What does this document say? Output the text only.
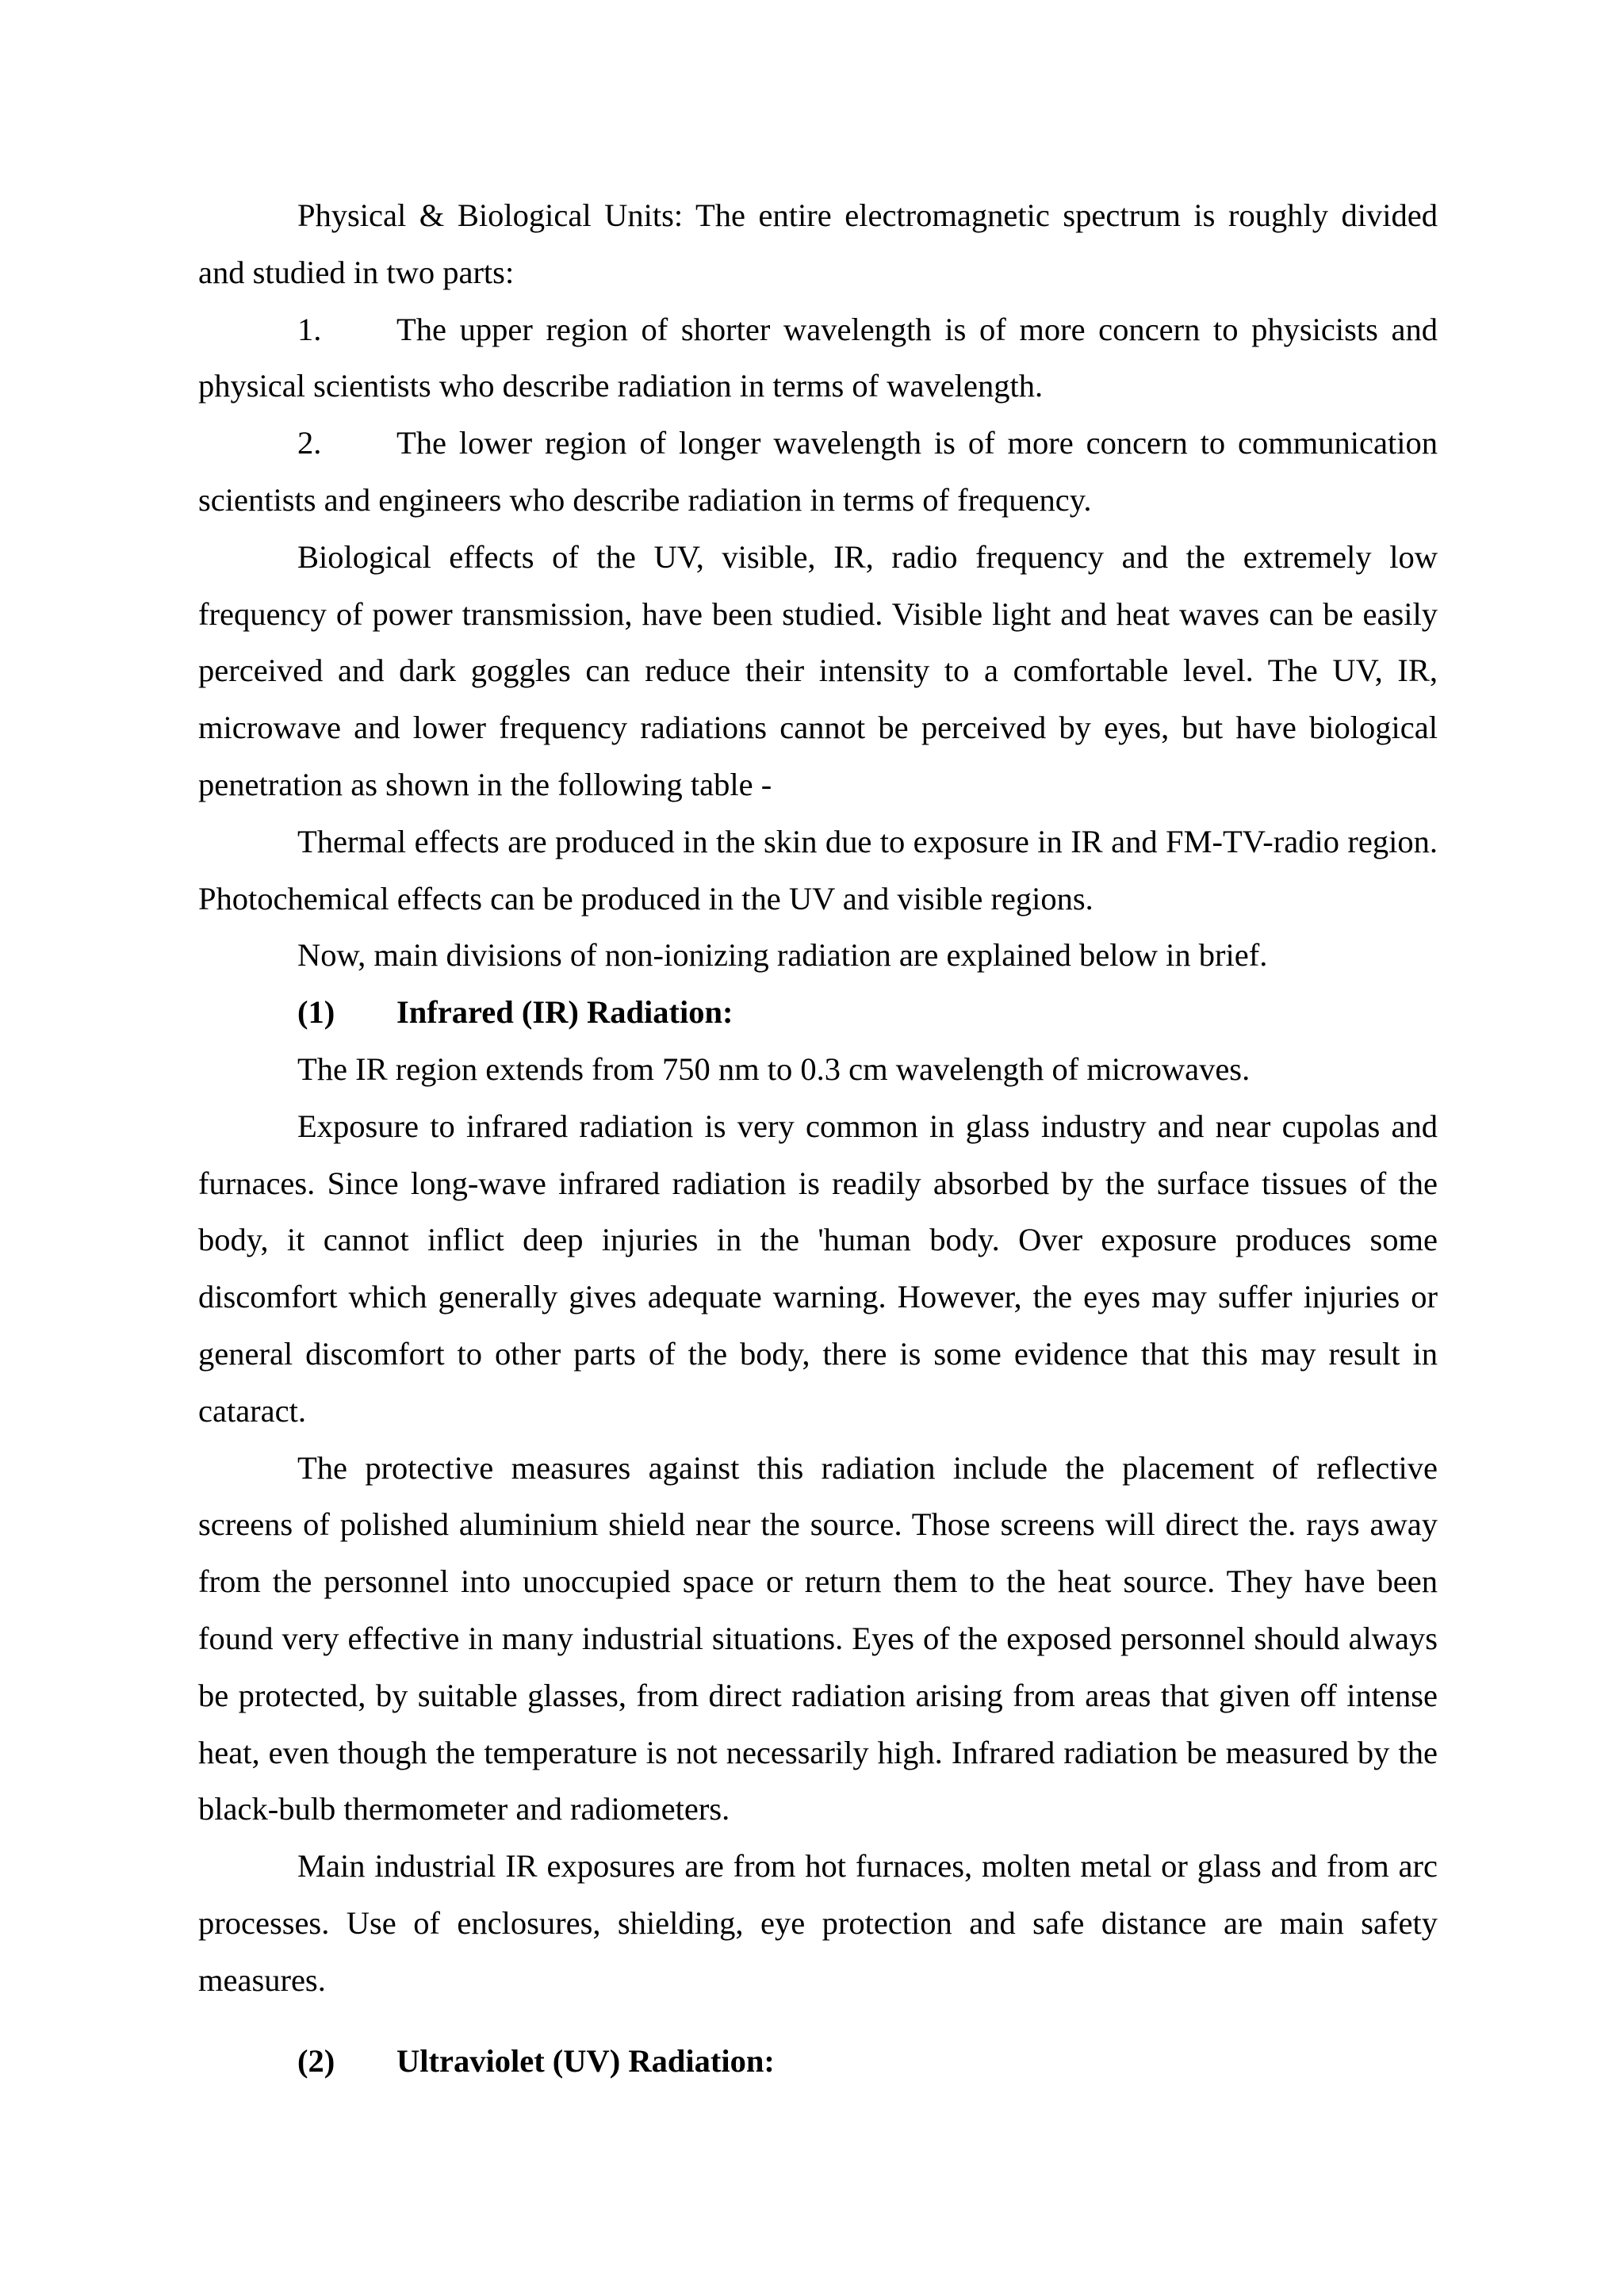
Physical & Biological Units: The entire electromagnetic spectrum is roughly divided and studied in two parts:

1. The upper region of shorter wavelength is of more concern to physicists and physical scientists who describe radiation in terms of wavelength.

2. The lower region of longer wavelength is of more concern to communication scientists and engineers who describe radiation in terms of frequency.

Biological effects of the UV, visible, IR, radio frequency and the extremely low frequency of power transmission, have been studied. Visible light and heat waves can be easily perceived and dark goggles can reduce their intensity to a comfortable level. The UV, IR, microwave and lower frequency radiations cannot be perceived by eyes, but have biological penetration as shown in the following table -

Thermal effects are produced in the skin due to exposure in IR and FM-TV-radio region. Photochemical effects can be produced in the UV and visible regions.

Now, main divisions of non-ionizing radiation are explained below in brief.

(1) Infrared (IR) Radiation:

The IR region extends from 750 nm to 0.3 cm wavelength of microwaves.

Exposure to infrared radiation is very common in glass industry and near cupolas and furnaces. Since long-wave infrared radiation is readily absorbed by the surface tissues of the body, it cannot inflict deep injuries in the 'human body. Over exposure produces some discomfort which generally gives adequate warning. However, the eyes may suffer injuries or general discomfort to other parts of the body, there is some evidence that this may result in cataract.

The protective measures against this radiation include the placement of reflective screens of polished aluminium shield near the source. Those screens will direct the. rays away from the personnel into unoccupied space or return them to the heat source. They have been found very effective in many industrial situations. Eyes of the exposed personnel should always be protected, by suitable glasses, from direct radiation arising from areas that given off intense heat, even though the temperature is not necessarily high. Infrared radiation be measured by the black-bulb thermometer and radiometers.

Main industrial IR exposures are from hot furnaces, molten metal or glass and from arc processes. Use of enclosures, shielding, eye protection and safe distance are main safety measures.

(2) Ultraviolet (UV) Radiation:
